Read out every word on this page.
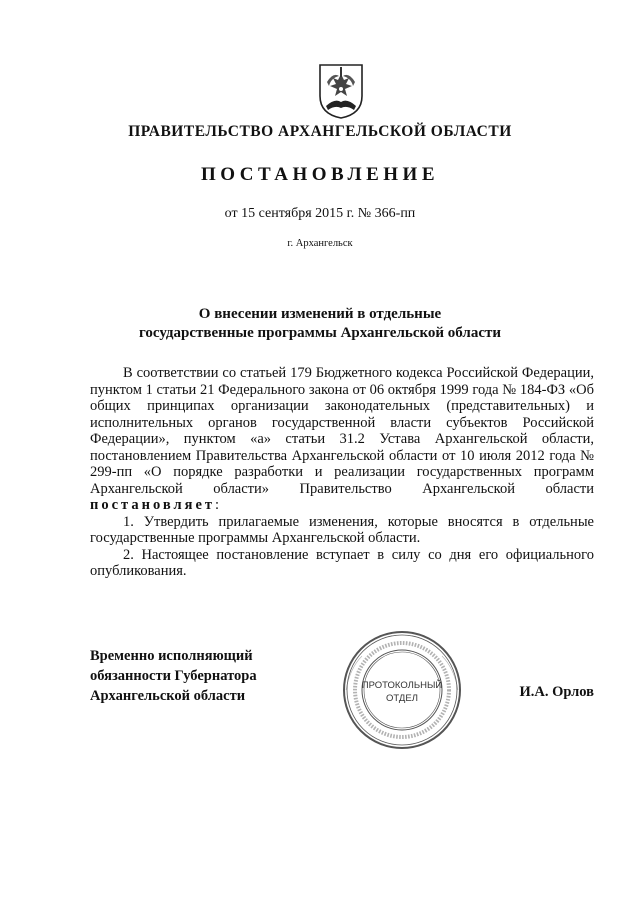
ПРАВИТЕЛЬСТВО АРХАНГЕЛЬСКОЙ ОБЛАСТИ
ПОСТАНОВЛЕНИЕ
от 15 сентября 2015 г. № 366-пп
г. Архангельск
О внесении изменений в отдельные
государственные программы Архангельской области

В соответствии со статьей 179 Бюджетного кодекса Российской Федерации, пунктом 1 статьи 21 Федерального закона от 06 октября 1999 года № 184-ФЗ «Об общих принципах организации законодательных (представительных) и исполнительных органов государственной власти субъектов Российской Федерации», пунктом «а» статьи 31.2 Устава Архангельской области, постановлением Правительства Архангельской области от 10 июля 2012 года № 299-пп «О порядке разработки и реализации государственных программ Архангельской области» Правительство Архангельской области постановляет:

1. Утвердить прилагаемые изменения, которые вносятся в отдельные государственные программы Архангельской области.

2. Настоящее постановление вступает в силу со дня его официального опубликования.

Временно исполняющий
обязанности Губернатора
Архангельской области	И.А. Орлов
ПРОТОКОЛЬНЫЙ
ОТДЕЛ
